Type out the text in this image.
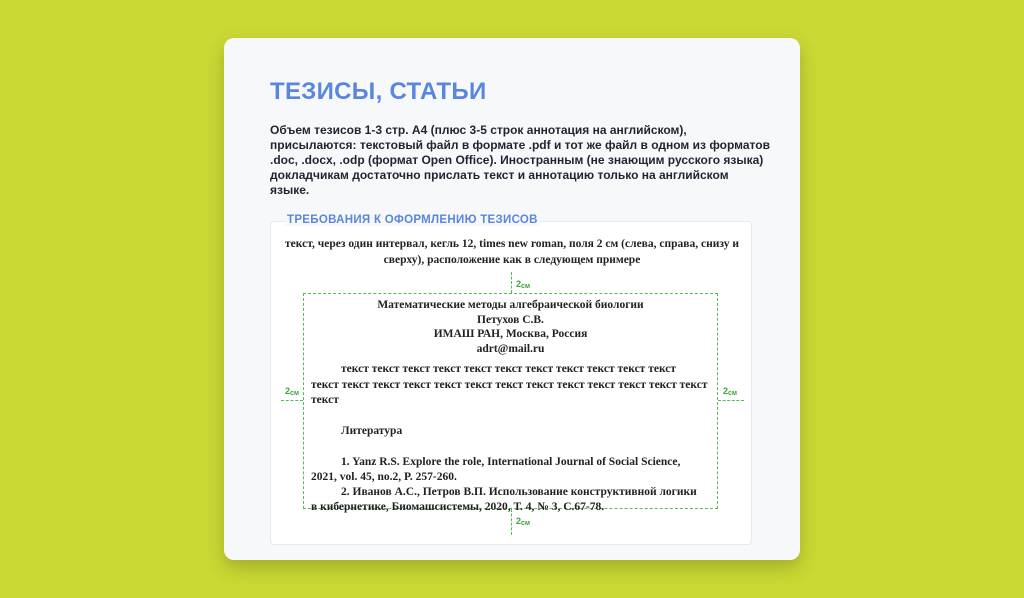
ТЕЗИСЫ, СТАТЬИ
Объем тезисов 1-3 стр. А4 (плюс 3-5 строк аннотация на английском), присылаются: текстовый файл в формате .pdf и тот же файл в одном из форматов .doc, .docx, .odp (формат Open Office). Иностранным (не знающим русского языка) докладчикам достаточно прислать текст и аннотацию только на английском языке.
ТРЕБОВАНИЯ К ОФОРМЛЕНИЮ ТЕЗИСОВ
текст, через один интервал, кегль 12, times new roman, поля 2 см (слева, справа, снизу и сверху), расположение как в следующем примере
$2_{см}$
$2_{см}$
$2_{см}$	$2_{см}$
Математические методы алгебраической биологии
Петухов С.В.
ИМАШ РАН, Москва, Россия
adrt@mail.ru
текст текст текст текст текст текст текст текст текст текст текст
текст текст текст текст текст текст текст текст текст текст текст текст текст текст
Литература
1. Yanz R.S. Explore the role, International Journal of Social Science,
2021, vol. 45, no.2, P. 257-260.
2. Иванов А.С., Петров В.П. Использование конструктивной логики
в кибернетике, Биомашсистемы, 2020, Т. 4, № 3, С.67-78.
